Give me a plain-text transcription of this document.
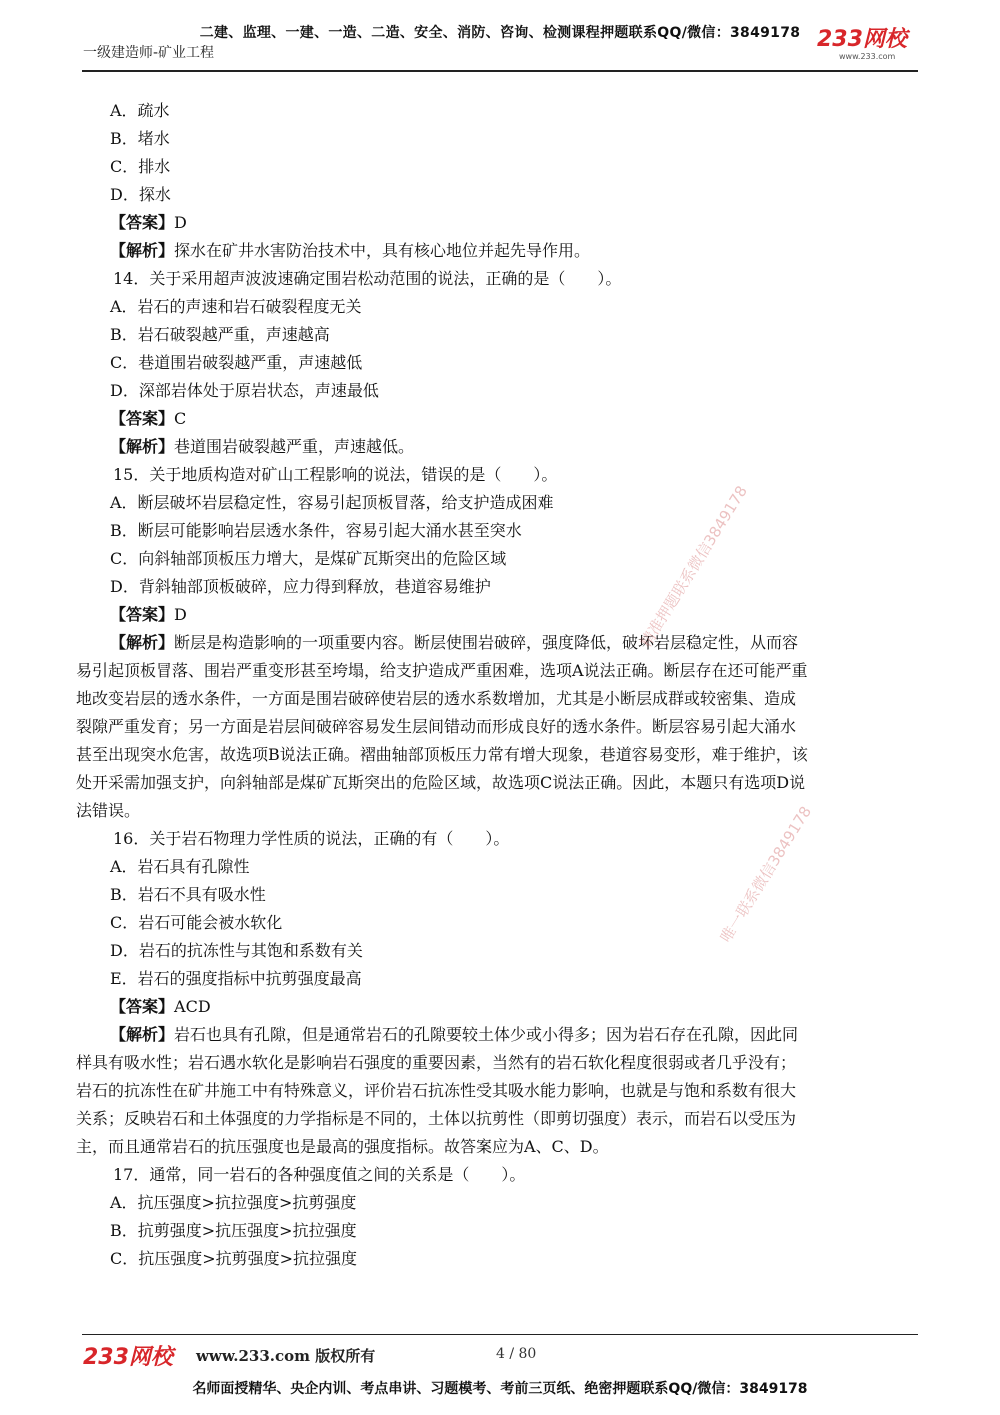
二建、监理、一建、一造、二造、安全、消防、咨询、检测课程押题联系QQ/微信：3849178
一级建造师-矿业工程
233网校
www.233.com
A．疏水
B．堵水
C．排水
D．探水
【答案】D
【解析】探水在矿井水害防治技术中，具有核心地位并起先导作用。
14．关于采用超声波波速确定围岩松动范围的说法，正确的是（　　）。
A．岩石的声速和岩石破裂程度无关
B．岩石破裂越严重，声速越高
C．巷道围岩破裂越严重，声速越低
D．深部岩体处于原岩状态，声速最低
【答案】C
【解析】巷道围岩破裂越严重，声速越低。
15．关于地质构造对矿山工程影响的说法，错误的是（　　）。
A．断层破坏岩层稳定性，容易引起顶板冒落，给支护造成困难
B．断层可能影响岩层透水条件，容易引起大涌水甚至突水
C．向斜轴部顶板压力增大，是煤矿瓦斯突出的危险区域
D．背斜轴部顶板破碎，应力得到释放，巷道容易维护
【答案】D
【解析】断层是构造影响的一项重要内容。断层使围岩破碎，强度降低，破坏岩层稳定性，从而容
易引起顶板冒落、围岩严重变形甚至垮塌，给支护造成严重困难，选项A说法正确。断层存在还可能严重
地改变岩层的透水条件，一方面是围岩破碎使岩层的透水系数增加，尤其是小断层成群或较密集、造成
裂隙严重发育；另一方面是岩层间破碎容易发生层间错动而形成良好的透水条件。断层容易引起大涌水
甚至出现突水危害，故选项B说法正确。褶曲轴部顶板压力常有增大现象，巷道容易变形，难于维护，该
处开采需加强支护，向斜轴部是煤矿瓦斯突出的危险区域，故选项C说法正确。因此，本题只有选项D说
法错误。
16．关于岩石物理力学性质的说法，正确的有（　　）。
A．岩石具有孔隙性
B．岩石不具有吸水性
C．岩石可能会被水软化
D．岩石的抗冻性与其饱和系数有关
E．岩石的强度指标中抗剪强度最高
【答案】ACD
【解析】岩石也具有孔隙，但是通常岩石的孔隙要较土体少或小得多；因为岩石存在孔隙，因此同
样具有吸水性；岩石遇水软化是影响岩石强度的重要因素，当然有的岩石软化程度很弱或者几乎没有；
岩石的抗冻性在矿井施工中有特殊意义，评价岩石抗冻性受其吸水能力影响，也就是与饱和系数有很大
关系；反映岩石和土体强度的力学指标是不同的，土体以抗剪性（即剪切强度）表示，而岩石以受压为
主，而且通常岩石的抗压强度也是最高的强度指标。故答案应为A、C、D。
17．通常，同一岩石的各种强度值之间的关系是（　　）。
A．抗压强度>抗拉强度>抗剪强度
B．抗剪强度>抗压强度>抗拉强度
C．抗压强度>抗剪强度>抗拉强度
精准押题联系微信3849178
唯一联系微信3849178
233网校 www.233.com 版权所有	4 / 80
名师面授精华、央企内训、考点串讲、习题模考、考前三页纸、绝密押题联系QQ/微信：3849178
